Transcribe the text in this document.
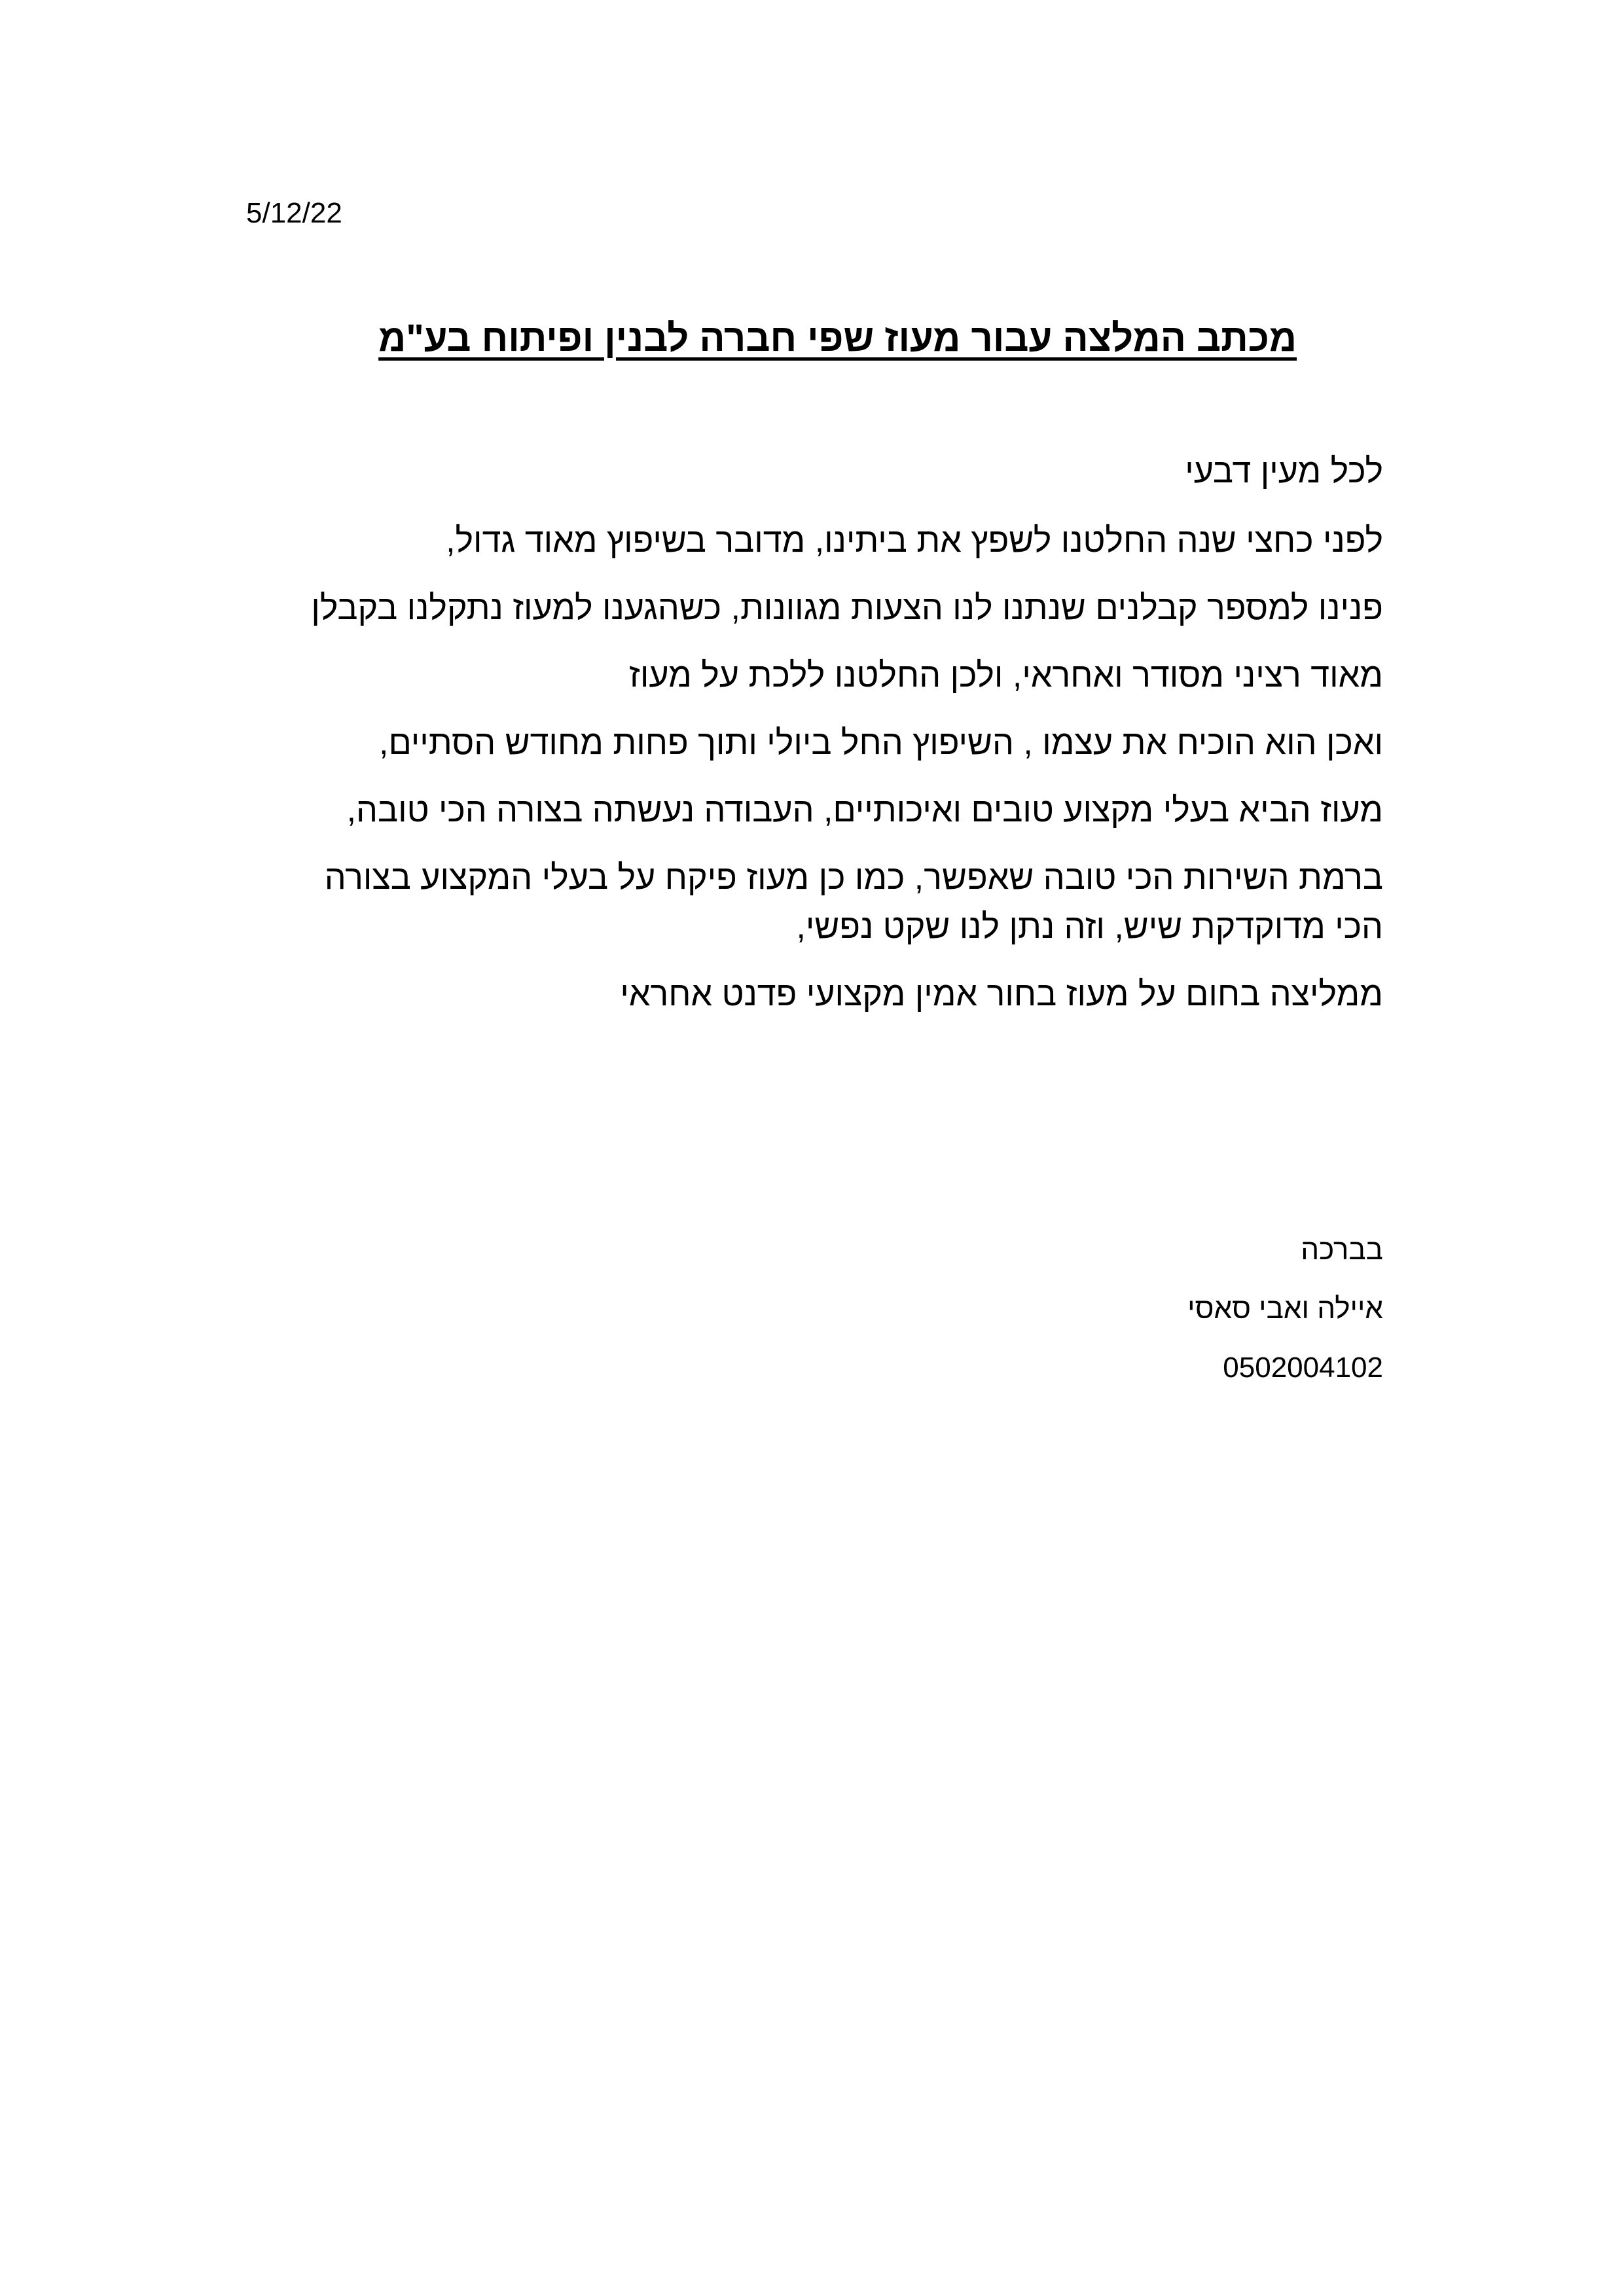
5/12/22
מכתב המלצה עבור מעוז שפי חברה לבנין ופיתוח בע"מ
לכל מעין דבעי
לפני כחצי שנה החלטנו לשפץ את ביתינו, מדובר בשיפוץ מאוד גדול,
פנינו למספר קבלנים שנתנו לנו הצעות מגוונות, כשהגענו למעוז נתקלנו בקבלן
מאוד רציני מסודר ואחראי, ולכן החלטנו ללכת על מעוז
ואכן הוא הוכיח את עצמו , השיפוץ החל ביולי ותוך פחות מחודש הסתיים,
מעוז הביא בעלי מקצוע טובים ואיכותיים, העבודה נעשתה בצורה הכי טובה,
ברמת השירות הכי טובה שאפשר, כמו כן מעוז פיקח על בעלי המקצוע בצורה
הכי מדוקדקת שיש, וזה נתן לנו שקט נפשי,
ממליצה בחום על מעוז בחור אמין מקצועי פדנט אחראי
בברכה
איילה ואבי סאסי
0502004102
